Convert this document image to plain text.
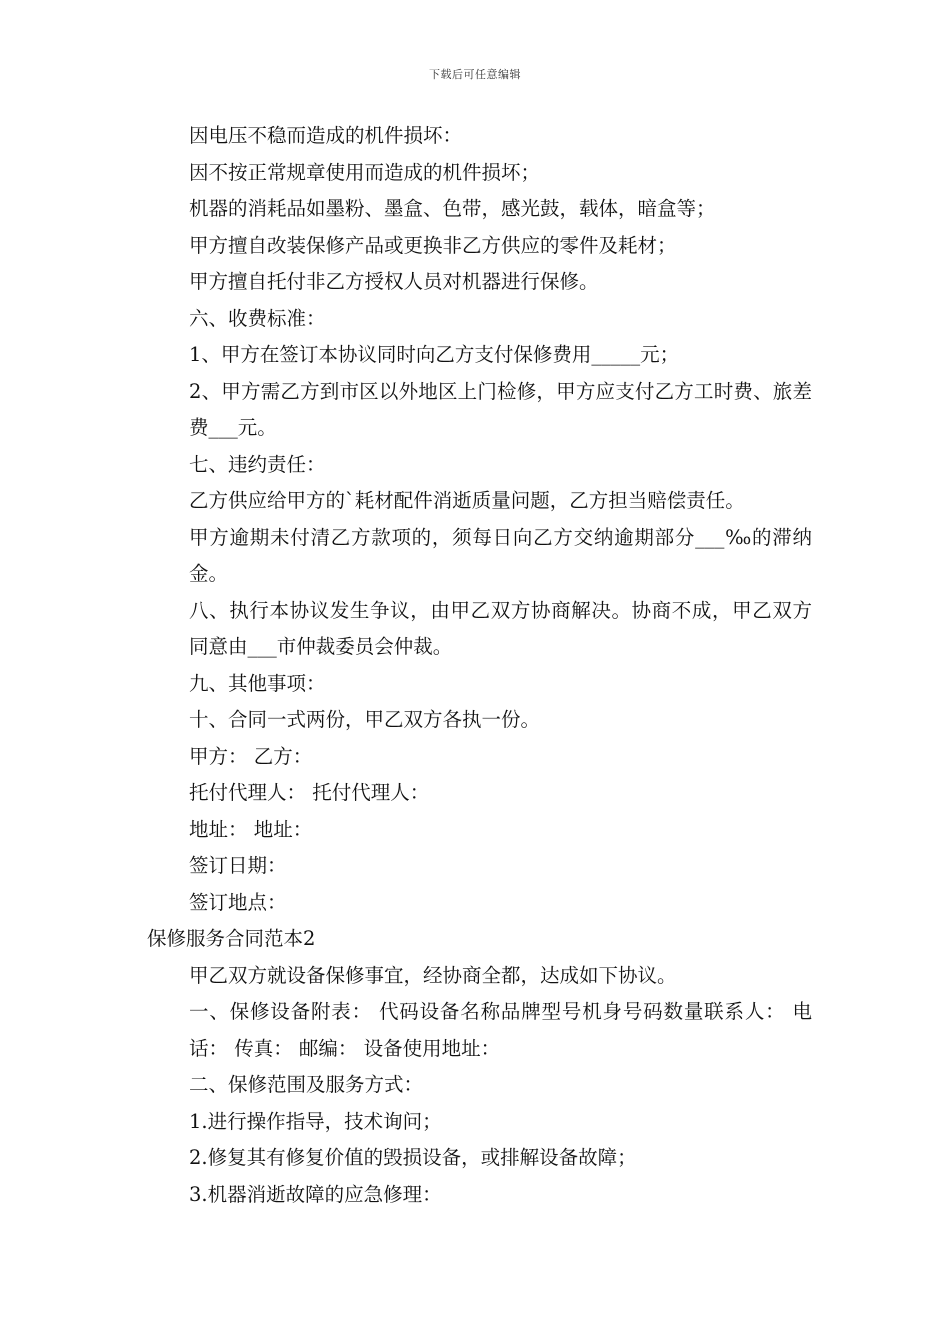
下载后可任意编辑

因电压不稳而造成的机件损坏：

因不按正常规章使用而造成的机件损坏；

机器的消耗品如墨粉、墨盒、色带，感光鼓，载体，暗盒等；

甲方擅自改装保修产品或更换非乙方供应的零件及耗材；

甲方擅自托付非乙方授权人员对机器进行保修。

六、收费标准：

1、甲方在签订本协议同时向乙方支付保修费用_____元；

2、甲方需乙方到市区以外地区上门检修，甲方应支付乙方工时费、旅差费___元。

七、违约责任：

乙方供应给甲方的`耗材配件消逝质量问题，乙方担当赔偿责任。

甲方逾期未付清乙方款项的，须每日向乙方交纳逾期部分___‰的滞纳金。

八、执行本协议发生争议，由甲乙双方协商解决。协商不成，甲乙双方同意由___市仲裁委员会仲裁。

九、其他事项：

十、合同一式两份，甲乙双方各执一份。

甲方： 乙方：

托付代理人： 托付代理人：

地址： 地址：

签订日期：

签订地点：

保修服务合同范本2

甲乙双方就设备保修事宜，经协商全都，达成如下协议。

一、保修设备附表： 代码设备名称品牌型号机身号码数量联系人： 电话： 传真： 邮编： 设备使用地址：

二、保修范围及服务方式：

1.进行操作指导，技术询问；

2.修复其有修复价值的毁损设备，或排解设备故障；

3.机器消逝故障的应急修理：
